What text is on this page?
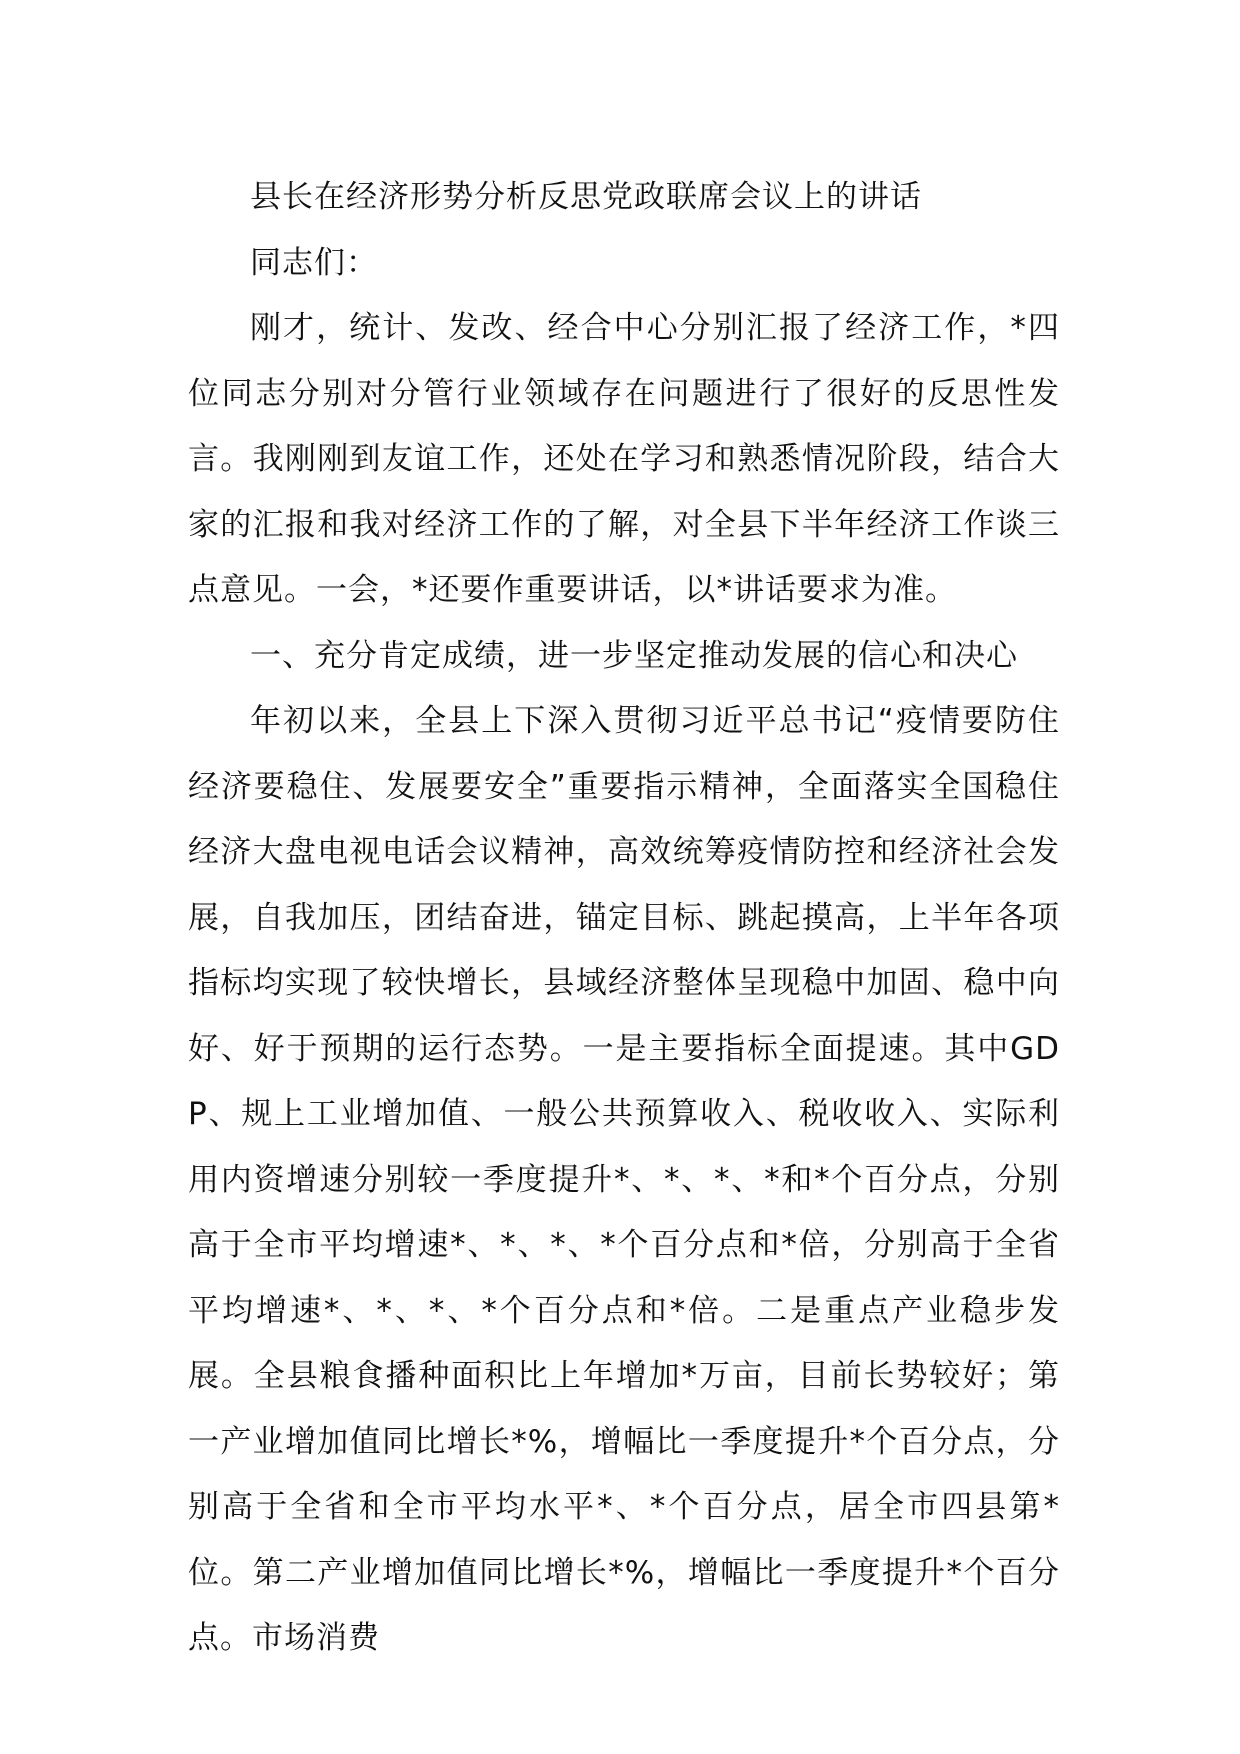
县长在经济形势分析反思党政联席会议上的讲话

同志们：

刚才，统计、发改、经合中心分别汇报了经济工作，*四位同志分别对分管行业领域存在问题进行了很好的反思性发言。我刚刚到友谊工作，还处在学习和熟悉情况阶段，结合大家的汇报和我对经济工作的了解，对全县下半年经济工作谈三点意见。一会，*还要作重要讲话，以*讲话要求为准。

一、充分肯定成绩，进一步坚定推动发展的信心和决心

年初以来，全县上下深入贯彻习近平总书记“疫情要防住经济要稳住、发展要安全”重要指示精神，全面落实全国稳住经济大盘电视电话会议精神，高效统筹疫情防控和经济社会发展，自我加压，团结奋进，锚定目标、跳起摸高，上半年各项指标均实现了较快增长，县域经济整体呈现稳中加固、稳中向好、好于预期的运行态势。一是主要指标全面提速。其中GDP、规上工业增加值、一般公共预算收入、税收收入、实际利用内资增速分别较一季度提升*、*、*、*和*个百分点，分别高于全市平均增速*、*、*、*个百分点和*倍，分别高于全省平均增速*、*、*、*个百分点和*倍。二是重点产业稳步发展。全县粮食播种面积比上年增加*万亩，目前长势较好；第一产业增加值同比增长*%，增幅比一季度提升*个百分点，分别高于全省和全市平均水平*、*个百分点，居全市四县第*位。第二产业增加值同比增长*%，增幅比一季度提升*个百分点。市场消费
